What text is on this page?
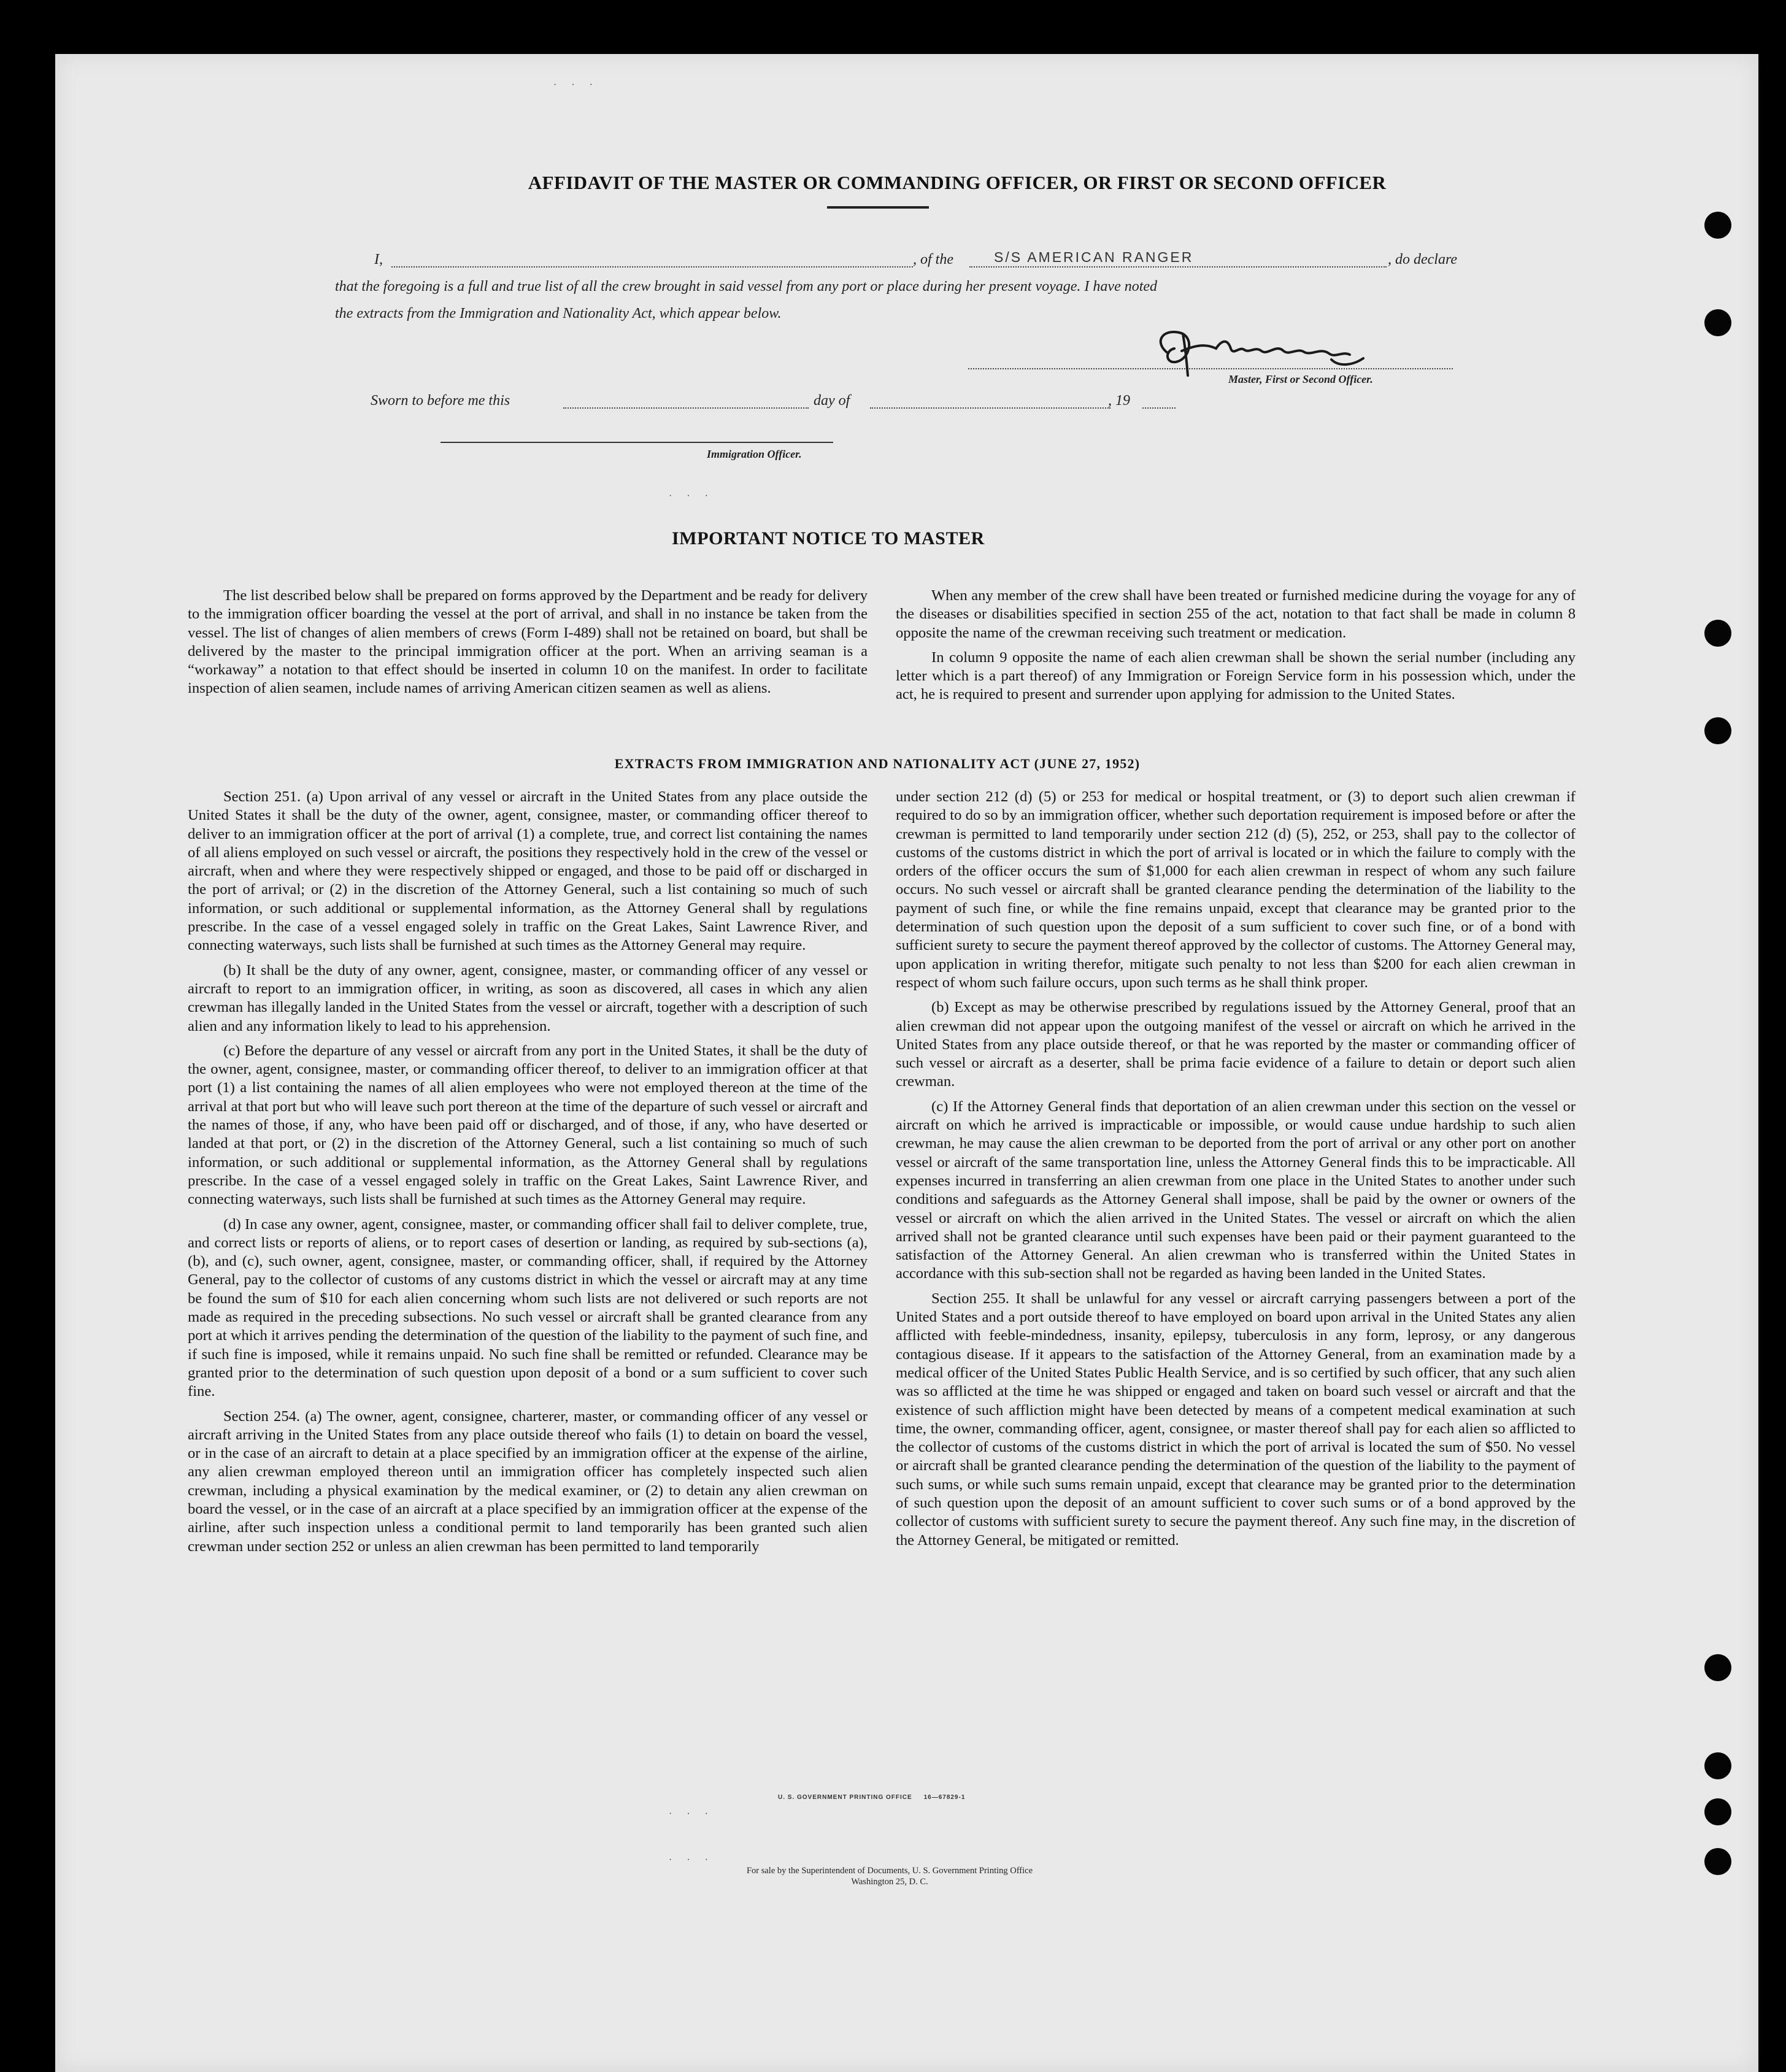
· · ·
· · ·
· · ·
· · ·
AFFIDAVIT OF THE MASTER OR COMMANDING OFFICER, OR FIRST OR SECOND OFFICER
I,	, of the	S/S AMERICAN RANGER	, do declare
that the foregoing is a full and true list of all the crew brought in said vessel from any port or place during her present voyage. I have noted
the extracts from the Immigration and Nationality Act, which appear below.
Master, First or Second Officer.
Sworn to before me this	day of	, 19
Immigration Officer.
IMPORTANT NOTICE TO MASTER

The list described below shall be prepared on forms approved by the Department and be ready for delivery to the immigration officer boarding the vessel at the port of arrival, and shall in no instance be taken from the vessel. The list of changes of alien members of crews (Form I-489) shall not be retained on board, but shall be delivered by the master to the principal immigration officer at the port. When an arriving seaman is a “workaway” a notation to that effect should be inserted in column 10 on the manifest. In order to facilitate inspection of alien seamen, include names of arriving American citizen seamen as well as aliens.

When any member of the crew shall have been treated or furnished medicine during the voyage for any of the diseases or disabilities specified in section 255 of the act, notation to that fact shall be made in column 8 opposite the name of the crewman receiving such treatment or medication.

In column 9 opposite the name of each alien crewman shall be shown the serial number (including any letter which is a part thereof) of any Immigration or Foreign Service form in his possession which, under the act, he is required to present and surrender upon applying for admission to the United States.

EXTRACTS FROM IMMIGRATION AND NATIONALITY ACT (JUNE 27, 1952)

Section 251. (a) Upon arrival of any vessel or aircraft in the United States from any place outside the United States it shall be the duty of the owner, agent, consignee, master, or commanding officer thereof to deliver to an immigration officer at the port of arrival (1) a complete, true, and correct list containing the names of all aliens employed on such vessel or aircraft, the positions they respectively hold in the crew of the vessel or aircraft, when and where they were respectively shipped or engaged, and those to be paid off or discharged in the port of arrival; or (2) in the discretion of the Attorney General, such a list containing so much of such information, or such additional or supplemental information, as the Attorney General shall by regulations prescribe. In the case of a vessel engaged solely in traffic on the Great Lakes, Saint Lawrence River, and connecting waterways, such lists shall be furnished at such times as the Attorney General may require.

(b) It shall be the duty of any owner, agent, consignee, master, or commanding officer of any vessel or aircraft to report to an immigration officer, in writing, as soon as discovered, all cases in which any alien crewman has illegally landed in the United States from the vessel or aircraft, together with a description of such alien and any information likely to lead to his apprehension.

(c) Before the departure of any vessel or aircraft from any port in the United States, it shall be the duty of the owner, agent, consignee, master, or commanding officer thereof, to deliver to an immigration officer at that port (1) a list containing the names of all alien employees who were not employed thereon at the time of the arrival at that port but who will leave such port thereon at the time of the departure of such vessel or aircraft and the names of those, if any, who have been paid off or discharged, and of those, if any, who have deserted or landed at that port, or (2) in the discretion of the Attorney General, such a list containing so much of such information, or such additional or supplemental information, as the Attorney General shall by regulations prescribe. In the case of a vessel engaged solely in traffic on the Great Lakes, Saint Lawrence River, and connecting waterways, such lists shall be furnished at such times as the Attorney General may require.

(d) In case any owner, agent, consignee, master, or commanding officer shall fail to deliver complete, true, and correct lists or reports of aliens, or to report cases of desertion or landing, as required by sub-sections (a), (b), and (c), such owner, agent, consignee, master, or commanding officer, shall, if required by the Attorney General, pay to the collector of customs of any customs district in which the vessel or aircraft may at any time be found the sum of $10 for each alien concerning whom such lists are not delivered or such reports are not made as required in the preceding subsections. No such vessel or aircraft shall be granted clearance from any port at which it arrives pending the determination of the question of the liability to the payment of such fine, and if such fine is imposed, while it remains unpaid. No such fine shall be remitted or refunded. Clearance may be granted prior to the determination of such question upon deposit of a bond or a sum sufficient to cover such fine.

Section 254. (a) The owner, agent, consignee, charterer, master, or commanding officer of any vessel or aircraft arriving in the United States from any place outside thereof who fails (1) to detain on board the vessel, or in the case of an aircraft to detain at a place specified by an immigration officer at the expense of the airline, any alien crewman employed thereon until an immigration officer has completely inspected such alien crewman, including a physical examination by the medical examiner, or (2) to detain any alien crewman on board the vessel, or in the case of an aircraft at a place specified by an immigration officer at the expense of the airline, after such inspection unless a conditional permit to land temporarily has been granted such alien crewman under section 252 or unless an alien crewman has been permitted to land temporarily

under section 212 (d) (5) or 253 for medical or hospital treatment, or (3) to deport such alien crewman if required to do so by an immigration officer, whether such deportation requirement is imposed before or after the crewman is permitted to land temporarily under section 212 (d) (5), 252, or 253, shall pay to the collector of customs of the customs district in which the port of arrival is located or in which the failure to comply with the orders of the officer occurs the sum of $1,000 for each alien crewman in respect of whom any such failure occurs. No such vessel or aircraft shall be granted clearance pending the determination of the liability to the payment of such fine, or while the fine remains unpaid, except that clearance may be granted prior to the determination of such question upon the deposit of a sum sufficient to cover such fine, or of a bond with sufficient surety to secure the payment thereof approved by the collector of customs. The Attorney General may, upon application in writing therefor, mitigate such penalty to not less than $200 for each alien crewman in respect of whom such failure occurs, upon such terms as he shall think proper.

(b) Except as may be otherwise prescribed by regulations issued by the Attorney General, proof that an alien crewman did not appear upon the outgoing manifest of the vessel or aircraft on which he arrived in the United States from any place outside thereof, or that he was reported by the master or commanding officer of such vessel or aircraft as a deserter, shall be prima facie evidence of a failure to detain or deport such alien crewman.

(c) If the Attorney General finds that deportation of an alien crewman under this section on the vessel or aircraft on which he arrived is impracticable or impossible, or would cause undue hardship to such alien crewman, he may cause the alien crewman to be deported from the port of arrival or any other port on another vessel or aircraft of the same transportation line, unless the Attorney General finds this to be impracticable. All expenses incurred in transferring an alien crewman from one place in the United States to another under such conditions and safeguards as the Attorney General shall impose, shall be paid by the owner or owners of the vessel or aircraft on which the alien arrived in the United States. The vessel or aircraft on which the alien arrived shall not be granted clearance until such expenses have been paid or their payment guaranteed to the satisfaction of the Attorney General. An alien crewman who is transferred within the United States in accordance with this sub-section shall not be regarded as having been landed in the United States.

Section 255. It shall be unlawful for any vessel or aircraft carrying passengers between a port of the United States and a port outside thereof to have employed on board upon arrival in the United States any alien afflicted with feeble-mindedness, insanity, epilepsy, tuberculosis in any form, leprosy, or any dangerous contagious disease. If it appears to the satisfaction of the Attorney General, from an examination made by a medical officer of the United States Public Health Service, and is so certified by such officer, that any such alien was so afflicted at the time he was shipped or engaged and taken on board such vessel or aircraft and that the existence of such affliction might have been detected by means of a competent medical examination at such time, the owner, commanding officer, agent, consignee, or master thereof shall pay for each alien so afflicted to the collector of customs of the customs district in which the port of arrival is located the sum of $50. No vessel or aircraft shall be granted clearance pending the determination of the question of the liability to the payment of such sums, or while such sums remain unpaid, except that clearance may be granted prior to the determination of such question upon the deposit of an amount sufficient to cover such sums or of a bond approved by the collector of customs with sufficient surety to secure the payment thereof. Any such fine may, in the discretion of the Attorney General, be mitigated or remitted.

U. S. GOVERNMENT PRINTING OFFICE     16—67829-1
For sale by the Superintendent of Documents, U. S. Government Printing Office
Washington 25, D. C.
